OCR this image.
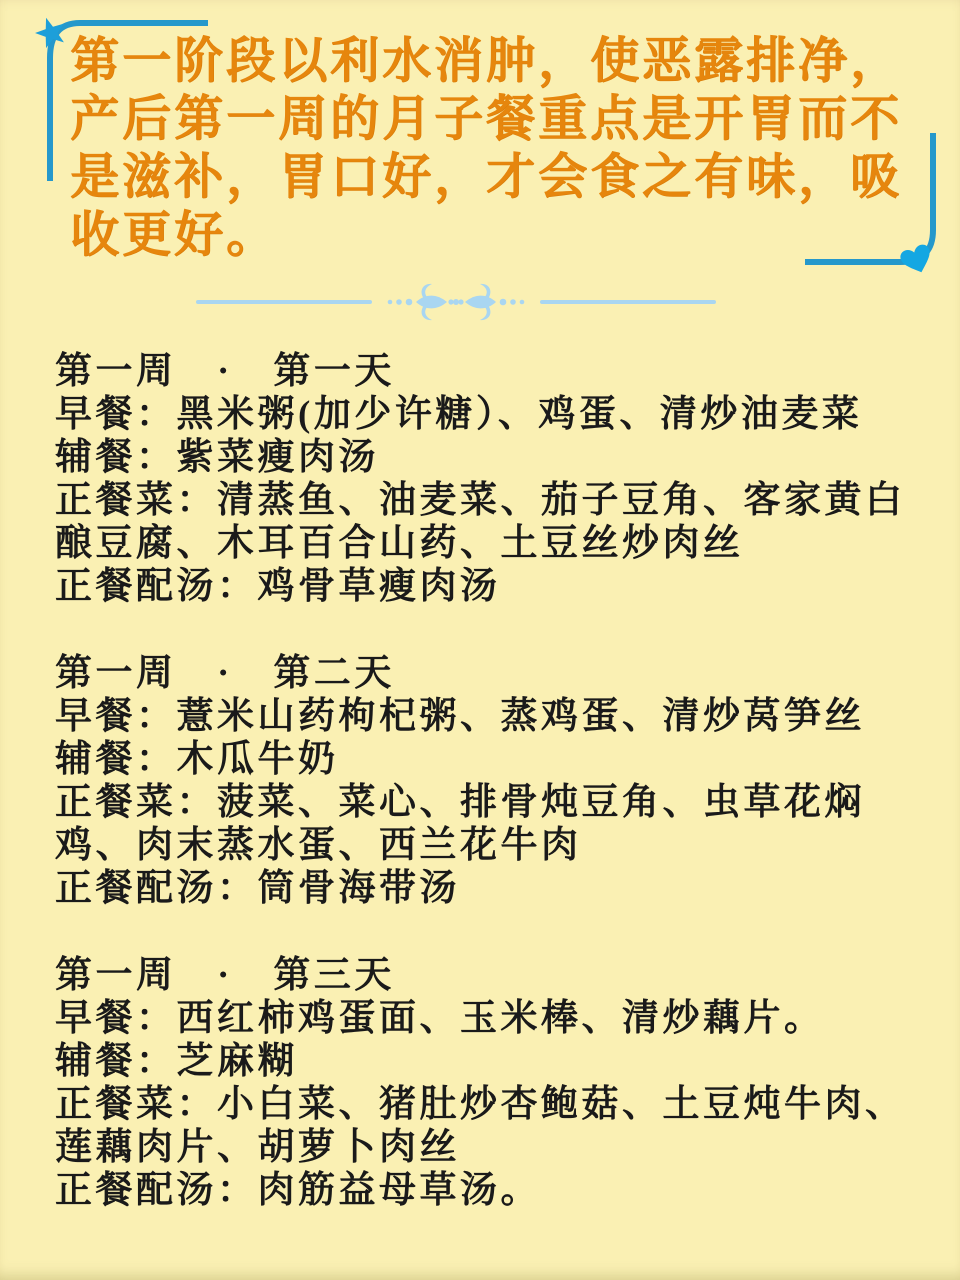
第一阶段以利水消肿，使恶露排净，
产后第一周的月子餐重点是开胃而不
是滋补，胃口好，才会食之有味，吸
收更好。

第一周　·　第一天

早餐：黑米粥(加少许糖）、鸡蛋、清炒油麦菜

辅餐：紫菜瘦肉汤

正餐菜：清蒸鱼、油麦菜、茄子豆角、客家黄白酿豆腐、木耳百合山药、土豆丝炒肉丝

正餐配汤：鸡骨草瘦肉汤

第一周　·　第二天

早餐：薏米山药枸杞粥、蒸鸡蛋、清炒莴笋丝

辅餐：木瓜牛奶

正餐菜：菠菜、菜心、排骨炖豆角、虫草花焖鸡、肉末蒸水蛋、西兰花牛肉

正餐配汤：筒骨海带汤

第一周　·　第三天

早餐：西红柿鸡蛋面、玉米棒、清炒藕片。

辅餐：芝麻糊

正餐菜：小白菜、猪肚炒杏鲍菇、土豆炖牛肉、莲藕肉片、胡萝卜肉丝

正餐配汤：肉筋益母草汤。
